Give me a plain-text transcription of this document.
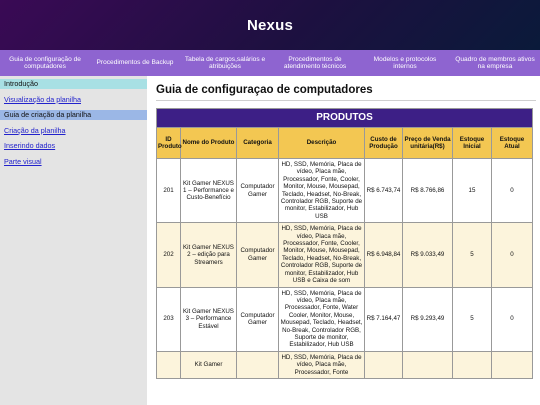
Nexus
Guia de configuração de computadores
Procedimentos de Backup
Tabela de cargos,salários e atribuições
Procedimentos de atendimento técnicos
Modelos e protocolos internos
Quadro de membros ativos na empresa
Introdução
Visualização da planilha
Guia de criação da planilha
Criação da planilha
Inserindo dados
Parte visual
Guia de configuraçao de computadores
PRODUTOS							
ID Produto	Nome do Produto	Categoria	Descrição	Custo de Produção	Preço de Venda unitária(R$)	Estoque Inicial	Estoque Atual
201	Kit Gamer NEXUS 1 – Performance e Custo-Benefício	Computador Gamer	HD, SSD, Memória, Placa de vídeo, Placa mãe, Processador, Fonte, Cooler, Monitor, Mouse, Mousepad, Teclado, Headset, No-Break, Controlador RGB, Suporte de monitor, Estabilizador, Hub USB	R$ 6.743,74	R$ 8.766,86	15	0
202	Kit Gamer NEXUS 2 – edição para Streamers	Computador Gamer	HD, SSD, Memória, Placa de vídeo, Placa mãe, Processador, Fonte, Cooler, Monitor, Mouse, Mousepad, Teclado, Headset, No-Break, Controlador RGB, Suporte de monitor, Estabilizador, Hub USB e Caixa de som	R$ 6.948,84	R$ 9.033,49	5	0
203	Kit Gamer NEXUS 3 – Performance Estável	Computador Gamer	HD, SSD, Memória, Placa de vídeo, Placa mãe, Processador, Fonte, Water Cooler, Monitor, Mouse, Mousepad, Teclado, Headset, No-Break, Controlador RGB, Suporte de monitor, Estabilizador, Hub USB	R$ 7.164,47	R$ 9.293,49	5	0
	Kit Gamer		HD, SSD, Memória, Placa de vídeo, Placa mãe, Processador, Fonte				
